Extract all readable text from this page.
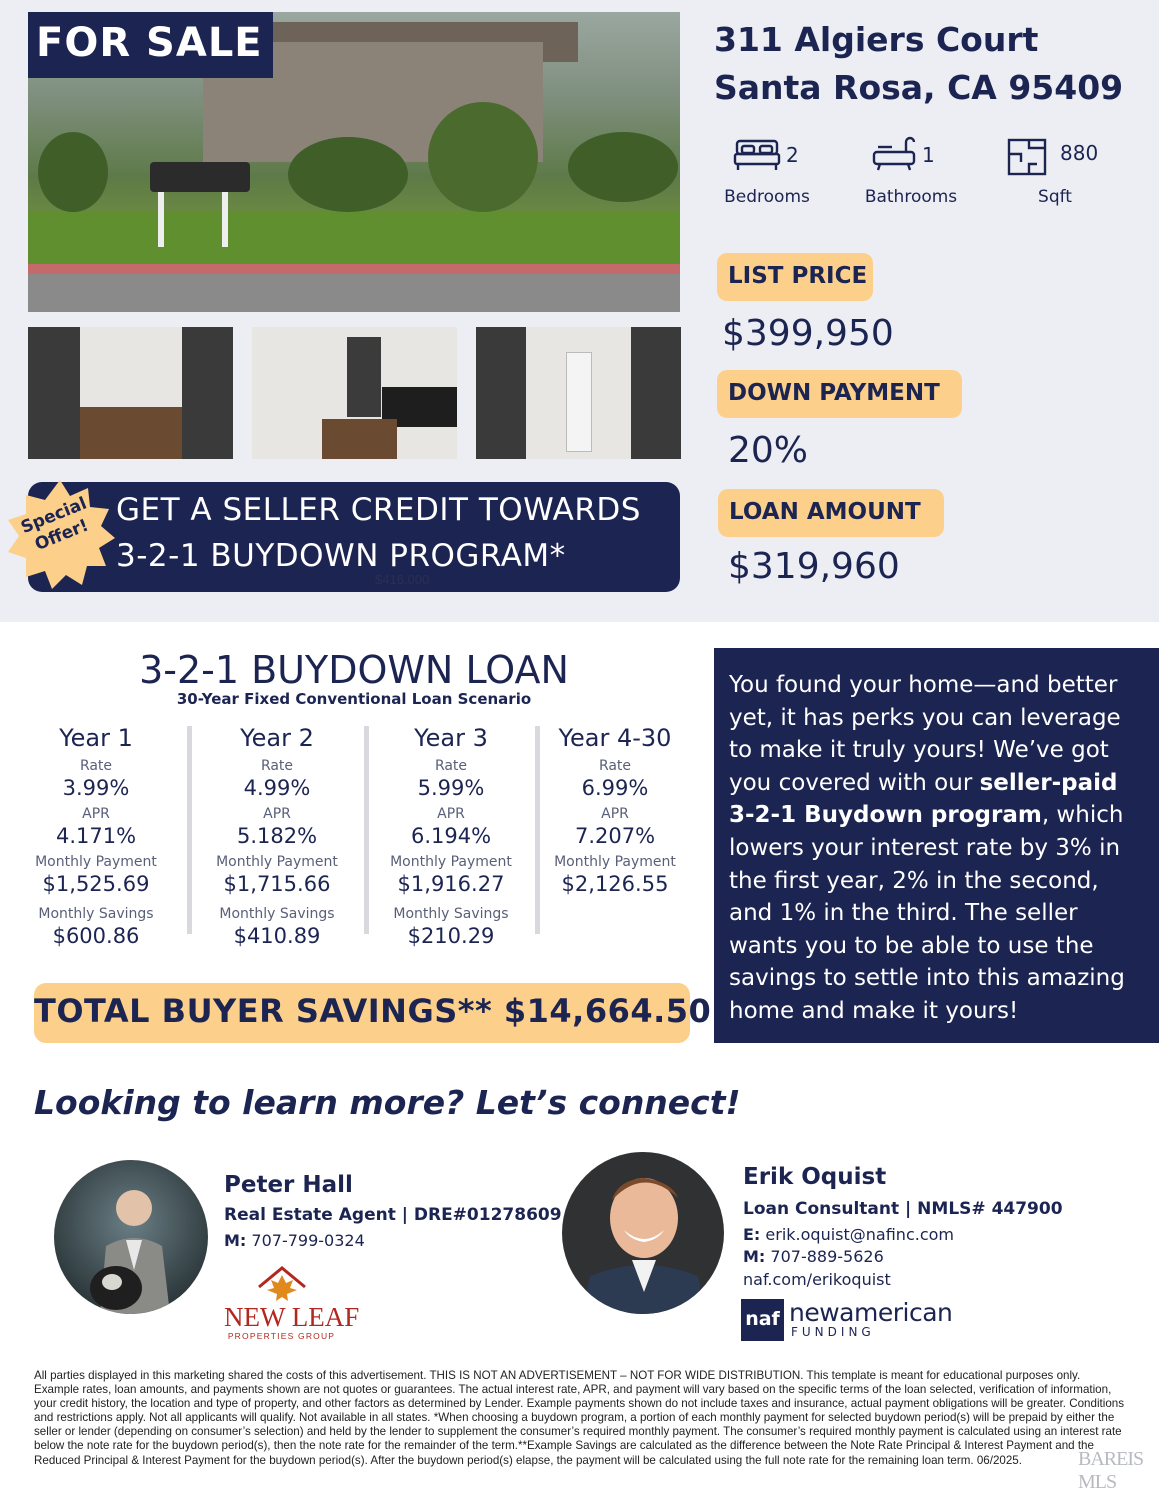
FOR SALE
GET A SELLER CREDIT TOWARDS
3-2-1 BUYDOWN PROGRAM*
$416,000
Special Offer!
311 Algiers Court
Santa Rosa, CA 95409
2
Bedrooms
1
Bathrooms
880
Sqft
LIST PRICE
$399,950
DOWN PAYMENT
20%
LOAN AMOUNT
$319,960
3-2-1 BUYDOWN LOAN
30-Year Fixed Conventional Loan Scenario
Year 1
Rate
3.99%
APR
4.171%
Monthly Payment
$1,525.69
Monthly Savings
$600.86
Year 2
Rate
4.99%
APR
5.182%
Monthly Payment
$1,715.66
Monthly Savings
$410.89
Year 3
Rate
5.99%
APR
6.194%
Monthly Payment
$1,916.27
Monthly Savings
$210.29
Year 4-30
Rate
6.99%
APR
7.207%
Monthly Payment
$2,126.55
TOTAL BUYER SAVINGS** $14,664.50
You found your home—and better yet, it has perks you can leverage to make it truly yours! We’ve got you covered with our seller-paid 3-2-1 Buydown program, which lowers your interest rate by 3% in the first year, 2% in the second, and 1% in the third. The seller wants you to be able to use the savings to settle into this amazing home and make it yours!
Looking to learn more? Let’s connect!
Peter Hall
Real Estate Agent | DRE#01278609
M: 707-799-0324
NEW LEAF
PROPERTIES GROUP
Erik Oquist
Loan Consultant | NMLS# 447900
E: erik.oquist@nafinc.com
M: 707-889-5626
naf.com/erikoquist
naf newamerican
FUNDING
All parties displayed in this marketing shared the costs of this advertisement. THIS IS NOT AN ADVERTISEMENT – NOT FOR WIDE DISTRIBUTION. This template is meant for educational purposes only. Example rates, loan amounts, and payments shown are not quotes or guarantees. The actual interest rate, APR, and payment will vary based on the specific terms of the loan selected, verification of information, your credit history, the location and type of property, and other factors as determined by Lender. Example payments shown do not include taxes and insurance, actual payment obligations will be greater. Conditions and restrictions apply. Not all applicants will qualify. Not available in all states. *When choosing a buydown program, a portion of each monthly payment for selected buydown period(s) will be prepaid by either the seller or lender (depending on consumer’s selection) and held by the lender to supplement the consumer’s required monthly payment. The consumer’s required monthly payment is calculated using an interest rate below the note rate for the buydown period(s), then the note rate for the remainder of the term.**Example Savings are calculated as the difference between the Note Rate Principal & Interest Payment and the Reduced Principal & Interest Payment for the buydown period(s). After the buydown period(s) elapse, the payment will be calculated using the full note rate for the remaining loan term. 06/2025.	BAREIS MLS
